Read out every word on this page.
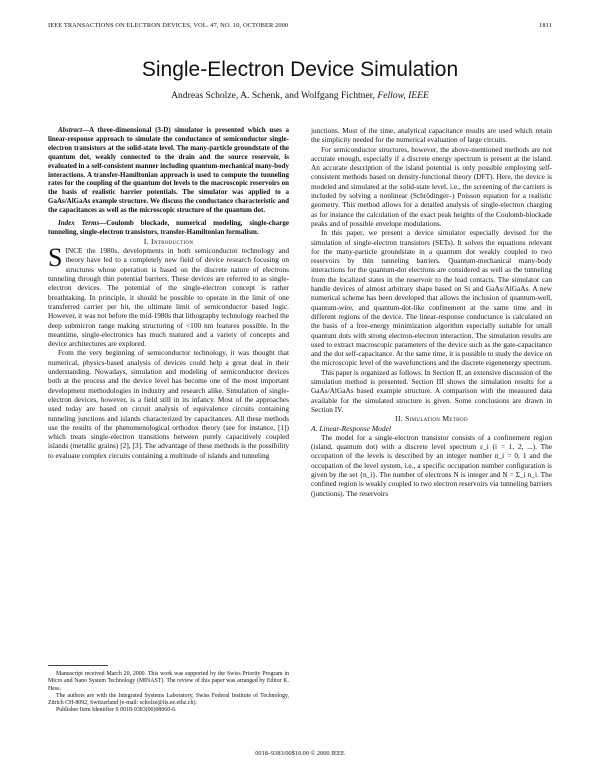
IEEE TRANSACTIONS ON ELECTRON DEVICES, VOL. 47, NO. 10, OCTOBER 2000	1811
Single-Electron Device Simulation
Andreas Scholze, A. Schenk, and Wolfgang Fichtner, Fellow, IEEE

Abstract—A three-dimensional (3-D) simulator is presented which uses a linear-response approach to simulate the conductance of semiconductor single-electron transistors at the solid-state level. The many-particle groundstate of the quantum dot, weakly connected to the drain and the source reservoir, is evaluated in a self-consistent manner including quantum-mechanical many-body interactions. A transfer-Hamiltonian approach is used to compute the tunneling rates for the coupling of the quantum dot levels to the macroscopic reservoirs on the basis of realistic barrier potentials. The simulator was applied to a GaAs/AlGaAs example structure. We discuss the conductance characteristic and the capacitances as well as the microscopic structure of the quantum dot.

Index Terms—Coulomb blockade, numerical modeling, single-charge tunneling, single-electron transistors, transfer-Hamiltonian formalism.

I. Introduction

SINCE the 1980s, developments in both semiconductor technology and theory have led to a completely new field of device research focusing on structures whose operation is based on the discrete nature of electrons tunneling through thin potential barriers. These devices are referred to as single-electron devices. The potential of the single-electron concept is rather breathtaking. In principle, it should be possible to operate in the limit of one transferred carrier per bit, the ultimate limit of semiconductor based logic. However, it was not before the mid-1980s that lithography technology reached the deep submicron range making structuring of <100 nm features possible. In the meantime, single-electronics has much matured and a variety of concepts and device architectures are explored.

From the very beginning of semiconductor technology, it was thought that numerical, physics-based analysis of devices could help a great deal in their understanding. Nowadays, simulation and modeling of semiconductor devices both at the process and the device level has become one of the most important development methodologies in industry and research alike. Simulation of single-electron devices, however, is a field still in its infancy. Most of the approaches used today are based on circuit analysis of equivalence circuits containing tunneling junctions and islands characterized by capacitances. All these methods use the results of the phenomenological orthodox theory (see for instance, [1]) which treats single-electron transitions between purely capacitively coupled islands (metallic grains) [2], [3]. The advantage of these methods is the possibility to evaluate complex circuits containing a multitude of islands and tunneling

Manuscript received March 20, 2000. This work was supported by the Swiss Priority Program in Micro and Nano System Technology (MINAST). The review of this paper was arranged by Editor K. Hess.

The authors are with the Integrated Systems Laboratory, Swiss Federal Institute of Technology, Zürich CH-8092, Switzerland (e-mail: scholze@iis.ee.ethz.ch).

Publisher Item Identifier S 0018-9383(00)08060-6.

junctions. Most of the time, analytical capacitance results are used which retain the simplicity needed for the numerical evaluation of large circuits.

For semiconductor structures, however, the above-mentioned methods are not accurate enough, especially if a discrete energy spectrum is present at the island. An accurate description of the island potential is only possible employing self-consistent methods based on density-functional theory (DFT). Here, the device is modeled and simulated at the solid-state level, i.e., the screening of the carriers is included by solving a nonlinear (Schrödinger–) Poisson equation for a realistic geometry. This method allows for a detailed analysis of single-electron charging as for instance the calculation of the exact peak heights of the Coulomb-blockade peaks and of possible envelope modulations.

In this paper, we present a device simulator especially devised for the simulation of single-electron transistors (SETs). It solves the equations relevant for the many-particle groundstate in a quantum dot weakly coupled to two reservoirs by thin tunneling barriers. Quantum-mechanical many-body interactions for the quantum-dot electrons are considered as well as the tunneling from the localized states in the reservoir to the lead contacts. The simulator can handle devices of almost arbitrary shape based on Si and GaAs/AlGaAs. A new numerical scheme has been developed that allows the inclusion of quantum-well, quantum-wire, and quantum-dot-like confinement at the same time and in different regions of the device. The linear-response conductance is calculated on the basis of a free-energy minimization algorithm especially suitable for small quantum dots with strong electron-electron interaction. The simulation results are used to extract macroscopic parameters of the device such as the gate-capacitance and the dot self-capacitance. At the same time, it is possible to study the device on the microscopic level of the wavefunctions and the discrete eigenenergy spectrum.

This paper is organized as follows. In Section II, an extensive discussion of the simulation method is presented. Section III shows the simulation results for a GaAs/AlGaAs based example structure. A comparison with the measured data available for the simulated structure is given. Some conclusions are drawn in Section IV.

II. Simulation Method

A. Linear-Response Model

The model for a single-electron transistor consists of a confinement region (island, quantum dot) with a discrete level spectrum ε_i (i = 1, 2, ...). The occupation of the levels is described by an integer number n_i = 0, 1 and the occupation of the level system, i.e., a specific occupation number configuration is given by the set {n_i}. The number of electrons N is integer and N = Σ_i n_i. The confined region is weakly coupled to two electron reservoirs via tunneling barriers (junctions). The reservoirs

0018–9383/00$10.00 © 2000 IEEE
